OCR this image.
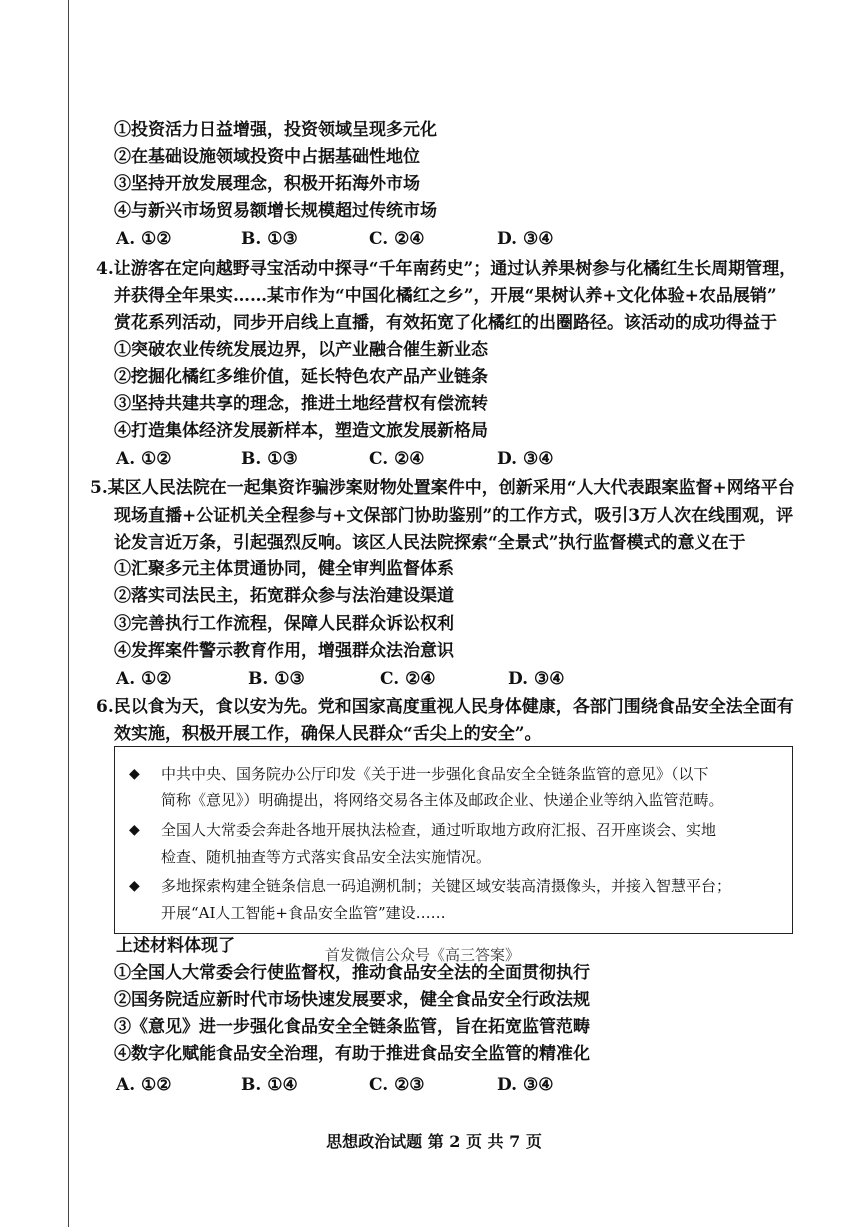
①投资活力日益增强，投资领域呈现多元化
②在基础设施领域投资中占据基础性地位
③坚持开放发展理念，积极开拓海外市场
④与新兴市场贸易额增长规模超过传统市场
A. ①②	B. ①③	C. ②④	D. ③④
4.让游客在定向越野寻宝活动中探寻“千年南药史”；通过认养果树参与化橘红生长周期管理，
并获得全年果实……某市作为“中国化橘红之乡”，开展“果树认养+文化体验+农品展销”
赏花系列活动，同步开启线上直播，有效拓宽了化橘红的出圈路径。该活动的成功得益于
①突破农业传统发展边界，以产业融合催生新业态
②挖掘化橘红多维价值，延长特色农产品产业链条
③坚持共建共享的理念，推进土地经营权有偿流转
④打造集体经济发展新样本，塑造文旅发展新格局
A. ①②	B. ①③	C. ②④	D. ③④
5.某区人民法院在一起集资诈骗涉案财物处置案件中，创新采用“人大代表跟案监督+网络平台
现场直播+公证机关全程参与+文保部门协助鉴别”的工作方式，吸引3万人次在线围观，评
论发言近万条，引起强烈反响。该区人民法院探索“全景式”执行监督模式的意义在于
①汇聚多元主体贯通协同，健全审判监督体系
②落实司法民主，拓宽群众参与法治建设渠道
③完善执行工作流程，保障人民群众诉讼权利
④发挥案件警示教育作用，增强群众法治意识
A. ①②	B. ①③	C. ②④	D. ③④
6.民以食为天，食以安为先。党和国家高度重视人民身体健康，各部门围绕食品安全法全面有
效实施，积极开展工作，确保人民群众“舌尖上的安全”。
◆ 中共中央、国务院办公厅印发《关于进一步强化食品安全全链条监管的意见》（以下
简称《意见》）明确提出，将网络交易各主体及邮政企业、快递企业等纳入监管范畴。
◆ 全国人大常委会奔赴各地开展执法检查，通过听取地方政府汇报、召开座谈会、实地
检查、随机抽查等方式落实食品安全法实施情况。
◆ 多地探索构建全链条信息一码追溯机制；关键区域安装高清摄像头，并接入智慧平台；
开展“AI人工智能+食品安全监管”建设……
上述材料体现了	首发微信公众号《高三答案》
①全国人大常委会行使监督权，推动食品安全法的全面贯彻执行
②国务院适应新时代市场快速发展要求，健全食品安全行政法规
③《意见》进一步强化食品安全全链条监管，旨在拓宽监管范畴
④数字化赋能食品安全治理，有助于推进食品安全监管的精准化
A. ①②	B. ①④	C. ②③	D. ③④
思想政治试题 第 2 页 共 7 页
